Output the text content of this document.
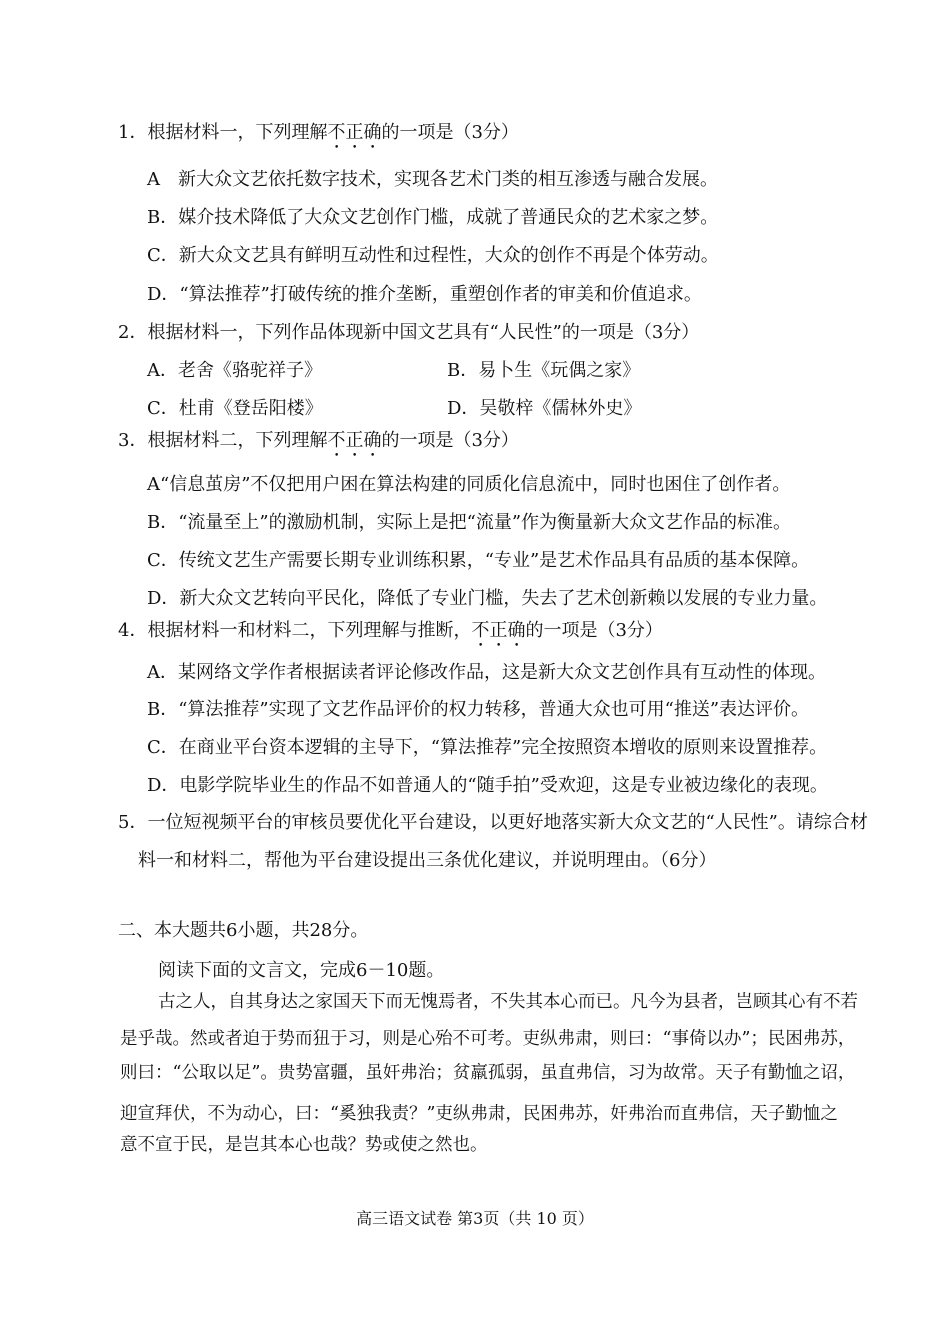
1．根据材料一，下列理解不正确的一项是（3分）
A　新大众文艺依托数字技术，实现各艺术门类的相互渗透与融合发展。
B．媒介技术降低了大众文艺创作门槛，成就了普通民众的艺术家之梦。
C．新大众文艺具有鲜明互动性和过程性，大众的创作不再是个体劳动。
D．“算法推荐”打破传统的推介垄断，重塑创作者的审美和价值追求。
2．根据材料一，下列作品体现新中国文艺具有“人民性”的一项是（3分）
A．老舍《骆驼祥子》	B．易卜生《玩偶之家》
C．杜甫《登岳阳楼》	D．吴敬梓《儒林外史》
3．根据材料二，下列理解不正确的一项是（3分）
A“信息茧房”不仅把用户困在算法构建的同质化信息流中，同时也困住了创作者。
B．“流量至上”的激励机制，实际上是把“流量”作为衡量新大众文艺作品的标准。
C．传统文艺生产需要长期专业训练积累，“专业”是艺术作品具有品质的基本保障。
D．新大众文艺转向平民化，降低了专业门槛，失去了艺术创新赖以发展的专业力量。
4．根据材料一和材料二，下列理解与推断，不正确的一项是（3分）
A．某网络文学作者根据读者评论修改作品，这是新大众文艺创作具有互动性的体现。
B．“算法推荐”实现了文艺作品评价的权力转移，普通大众也可用“推送”表达评价。
C．在商业平台资本逻辑的主导下，“算法推荐”完全按照资本增收的原则来设置推荐。
D．电影学院毕业生的作品不如普通人的“随手拍”受欢迎，这是专业被边缘化的表现。
5．一位短视频平台的审核员要优化平台建设，以更好地落实新大众文艺的“人民性”。请综合材
料一和材料二，帮他为平台建设提出三条优化建议，并说明理由。（6分）
二、本大题共6小题，共28分。
阅读下面的文言文，完成6－10题。
古之人，自其身达之家国天下而无愧焉者，不失其本心而已。凡今为县者，岂顾其心有不若
是乎哉。然或者迫于势而狃于习，则是心殆不可考。吏纵弗肃，则曰：“事倚以办”；民困弗苏，
则曰：“公取以足”。贵势富疆，虽奸弗治；贫羸孤弱，虽直弗信，习为故常。天子有勤恤之诏，
迎宣拜伏，不为动心，曰：“奚独我责？”吏纵弗肃，民困弗苏，奸弗治而直弗信，天子勤恤之
意不宣于民，是岂其本心也哉？势或使之然也。
高三语文试卷 第3页（共 10 页）
